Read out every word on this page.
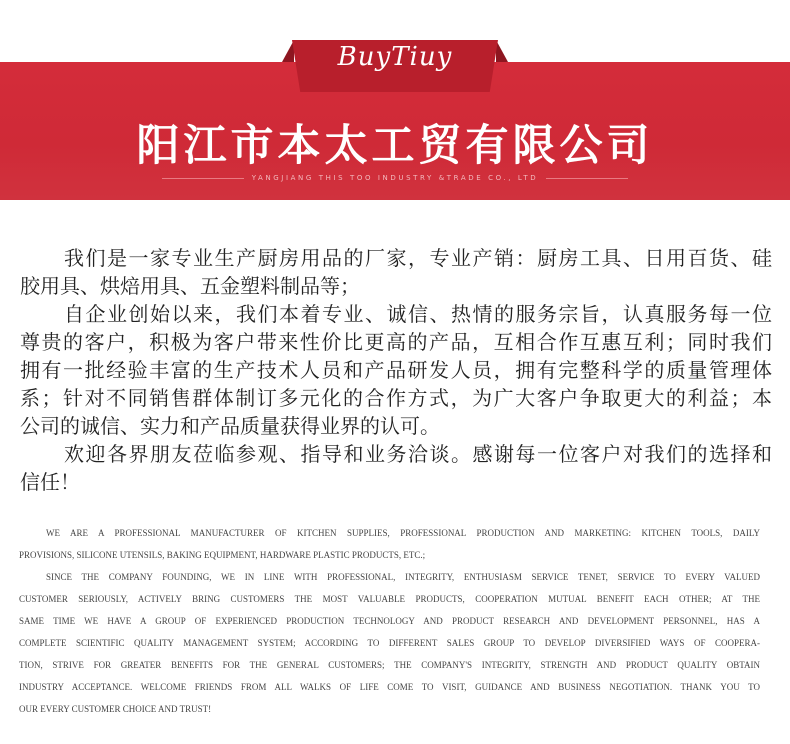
BuyTiuy
阳江市本太工贸有限公司
YANGJIANG THIS TOO INDUSTRY &TRADE CO., LTD
我们是一家专业生产厨房用品的厂家，专业产销：厨房工具、日用百货、硅
胶用具、烘焙用具、五金塑料制品等；
自企业创始以来，我们本着专业、诚信、热情的服务宗旨，认真服务每一位
尊贵的客户，积极为客户带来性价比更高的产品，互相合作互惠互利；同时我们
拥有一批经验丰富的生产技术人员和产品研发人员，拥有完整科学的质量管理体
系；针对不同销售群体制订多元化的合作方式，为广大客户争取更大的利益；本
公司的诚信、实力和产品质量获得业界的认可。
欢迎各界朋友莅临参观、指导和业务洽谈。感谢每一位客户对我们的选择和
信任！
WE ARE A PROFESSIONAL MANUFACTURER OF KITCHEN SUPPLIES, PROFESSIONAL PRODUCTION AND MARKETING: KITCHEN TOOLS, DAILY
PROVISIONS, SILICONE UTENSILS, BAKING EQUIPMENT, HARDWARE PLASTIC PRODUCTS, ETC.;
SINCE THE COMPANY FOUNDING, WE IN LINE WITH PROFESSIONAL, INTEGRITY, ENTHUSIASM SERVICE TENET, SERVICE TO EVERY VALUED
CUSTOMER SERIOUSLY, ACTIVELY BRING CUSTOMERS THE MOST VALUABLE PRODUCTS, COOPERATION MUTUAL BENEFIT EACH OTHER; AT THE
SAME TIME WE HAVE A GROUP OF EXPERIENCED PRODUCTION TECHNOLOGY AND PRODUCT RESEARCH AND DEVELOPMENT PERSONNEL, HAS A
COMPLETE SCIENTIFIC QUALITY MANAGEMENT SYSTEM; ACCORDING TO DIFFERENT SALES GROUP TO DEVELOP DIVERSIFIED WAYS OF COOPERA-
TION, STRIVE FOR GREATER BENEFITS FOR THE GENERAL CUSTOMERS; THE COMPANY'S INTEGRITY, STRENGTH AND PRODUCT QUALITY OBTAIN
INDUSTRY ACCEPTANCE. WELCOME FRIENDS FROM ALL WALKS OF LIFE COME TO VISIT, GUIDANCE AND BUSINESS NEGOTIATION. THANK YOU TO
OUR EVERY CUSTOMER CHOICE AND TRUST!
